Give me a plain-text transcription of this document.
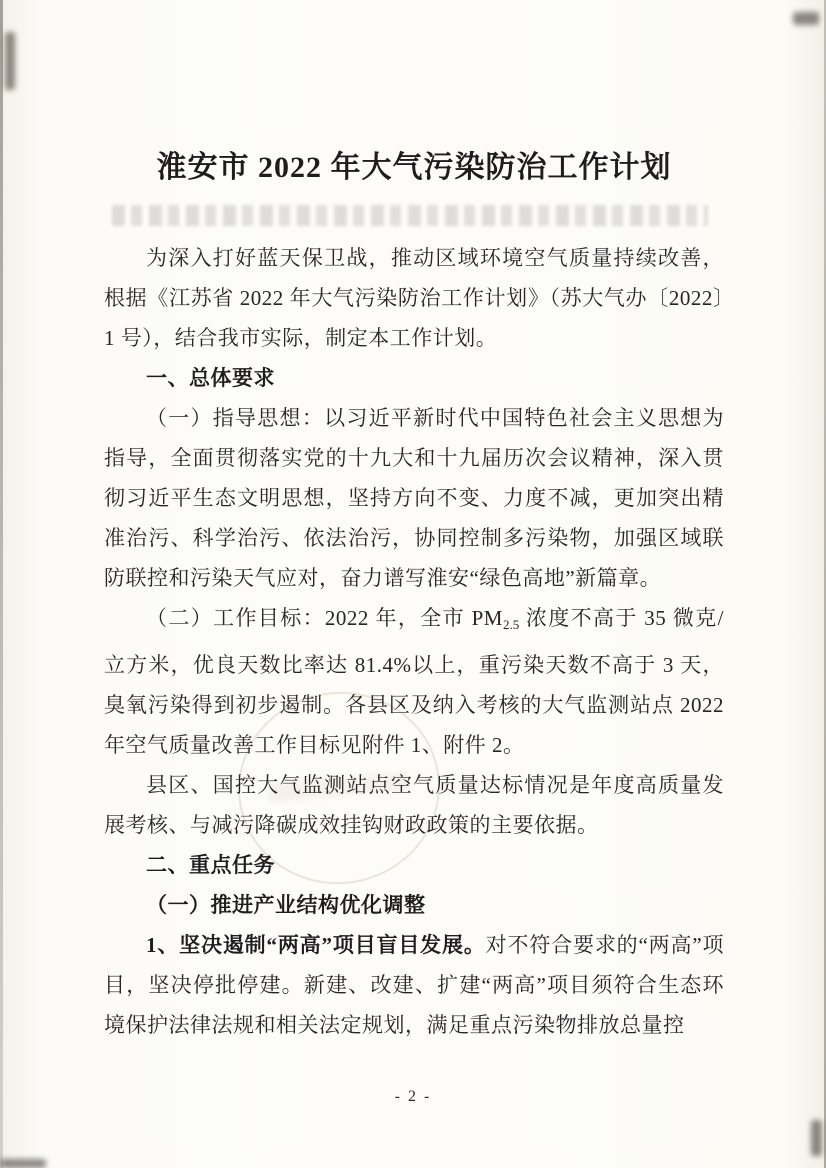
淮安市 2022 年大气污染防治工作计划

为深入打好蓝天保卫战，推动区域环境空气质量持续改善，根据《江苏省 2022 年大气污染防治工作计划》（苏大气办〔2022〕1 号），结合我市实际，制定本工作计划。

一、总体要求

（一）指导思想：以习近平新时代中国特色社会主义思想为指导，全面贯彻落实党的十九大和十九届历次会议精神，深入贯彻习近平生态文明思想，坚持方向不变、力度不减，更加突出精准治污、科学治污、依法治污，协同控制多污染物，加强区域联防联控和污染天气应对，奋力谱写淮安“绿色高地”新篇章。

（二）工作目标：2022 年，全市 $PM_{2.5}$ 浓度不高于 35 微克/立方米，优良天数比率达 81.4%以上，重污染天数不高于 3 天，臭氧污染得到初步遏制。各县区及纳入考核的大气监测站点 2022 年空气质量改善工作目标见附件 1、附件 2。

县区、国控大气监测站点空气质量达标情况是年度高质量发展考核、与减污降碳成效挂钩财政政策的主要依据。

二、重点任务

（一）推进产业结构优化调整

1、坚决遏制“两高”项目盲目发展。对不符合要求的“两高”项目，坚决停批停建。新建、改建、扩建“两高”项目须符合生态环境保护法律法规和相关法定规划，满足重点污染物排放总量控

- 2 -
